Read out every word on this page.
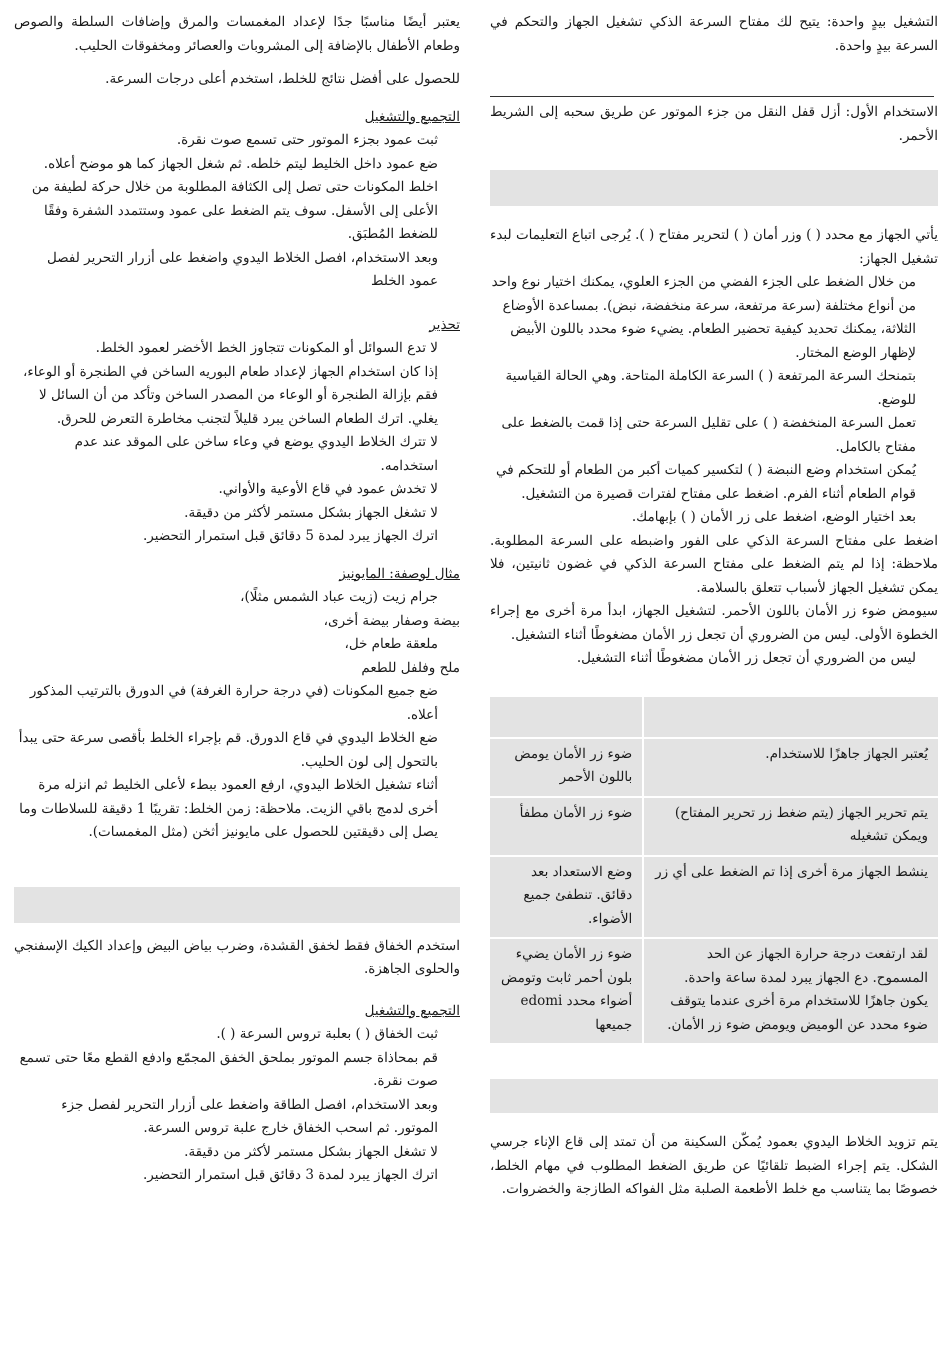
التشغيل بيدٍ واحدة: يتيح لك مفتاح السرعة الذكي تشغيل الجهاز والتحكم في السرعة بيدٍ واحدة.

الاستخدام الأول: أزل قفل النقل من جزء الموتور عن طريق سحبه إلى الشريط الأحمر.

يأتي الجهاز مع محدد ( ) وزر أمان ( ) لتحرير مفتاح ( ). يُرجى اتباع التعليمات لبدء تشغيل الجهاز:

من خلال الضغط على الجزء الفضي من الجزء العلوي، يمكنك اختيار نوع واحد من أنواع مختلفة (سرعة مرتفعة، سرعة منخفضة، نبض). بمساعدة الأوضاع الثلاثة، يمكنك تحديد كيفية تحضير الطعام. يضيء ضوء محدد باللون الأبيض لإظهار الوضع المختار.

بتمنحك السرعة المرتفعة ( ) السرعة الكاملة المتاحة. وهي الحالة القياسية للوضع.

تعمل السرعة المنخفضة ( ) على تقليل السرعة حتى إذا قمت بالضغط على مفتاح بالكامل.

يُمكن استخدام وضع النبضة ( ) لتكسير كميات أكبر من الطعام أو للتحكم في قوام الطعام أثناء الفرم. اضغط على مفتاح لفترات قصيرة من التشغيل.

بعد اختيار الوضع، اضغط على زر الأمان ( ) بإبهامك.

اضغط على مفتاح السرعة الذكي على الفور واضبطه على السرعة المطلوبة. ملاحظة: إذا لم يتم الضغط على مفتاح السرعة الذكي في غضون ثانيتين، فلا يمكن تشغيل الجهاز لأسباب تتعلق بالسلامة.

سيومض ضوء زر الأمان باللون الأحمر. لتشغيل الجهاز، ابدأ مرة أخرى مع إجراء الخطوة الأولى. ليس من الضروري أن تجعل زر الأمان مضغوطًا أثناء التشغيل.

ليس من الضروري أن تجعل زر الأمان مضغوطًا أثناء التشغيل.

يُعتبر الجهاز جاهزًا للاستخدام.	ضوء زر الأمان يومض باللون الأحمر
يتم تحرير الجهاز (يتم ضغط زر تحرير المفتاح) ويمكن تشغيله	ضوء زر الأمان مطفأ
ينشط الجهاز مرة أخرى إذا تم الضغط على أي زر	وضع الاستعداد بعد دقائق. تنطفئ جميع الأضواء.
لقد ارتفعت درجة حرارة الجهاز عن الحد المسموح. دع الجهاز يبرد لمدة ساعة واحدة. يكون جاهزًا للاستخدام مرة أخرى عندما يتوقف ضوء محدد عن الوميض ويومض ضوء زر الأمان.	ضوء زر الأمان يضيء بلون أحمر ثابت وتومض أضواء محدد edomi جميعها

يتم تزويد الخلاط اليدوي بعمود يُمكّن السكينة من أن تمتد إلى قاع الإناء جرسي الشكل. يتم إجراء الضبط تلقائيًا عن طريق الضغط المطلوب في مهام الخلط، خصوصًا بما يتناسب مع خلط الأطعمة الصلبة مثل الفواكه الطازجة والخضروات.

يعتبر أيضًا مناسبًا جدًا لإعداد المغمسات والمرق وإضافات السلطة والصوص وطعام الأطفال بالإضافة إلى المشروبات والعصائر ومخفوقات الحليب.

للحصول على أفضل نتائج للخلط، استخدم أعلى درجات السرعة.

التجميع والتشغيل

ثبت عمود بجزء الموتور حتى تسمع صوت نقرة.

ضع عمود داخل الخليط ليتم خلطه. ثم شغل الجهاز كما هو موضح أعلاه.

اخلط المكونات حتى تصل إلى الكثافة المطلوبة من خلال حركة لطيفة من الأعلى إلى الأسفل. سوف يتم الضغط على عمود وستتمدد الشفرة وفقًا للضغط المُطبَق.

وبعد الاستخدام، افصل الخلاط اليدوي واضغط على أزرار التحرير لفصل عمود الخلط

تحذير

لا تدع السوائل أو المكونات تتجاوز الخط الأخضر لعمود الخلط.

إذا كان استخدام الجهاز لإعداد طعام البوريه الساخن في الطنجرة أو الوعاء، فقم بإزالة الطنجرة أو الوعاء من المصدر الساخن وتأكد من أن السائل لا يغلي. اترك الطعام الساخن يبرد قليلاً لتجنب مخاطرة التعرض للحرق.

لا تترك الخلاط اليدوي يوضع في وعاء ساخن على الموقد عند عدم استخدامه.

لا تخدش عمود في قاع الأوعية والأواني.

لا تشغل الجهاز بشكل مستمر لأكثر من دقيقة.

اترك الجهاز يبرد لمدة 5 دقائق قبل استمرار التحضير.

مثال لوصفة: المايونيز

جرام زيت (زيت عباد الشمس مثلًا)،

بيضة وصفار بيضة أخرى،

ملعقة طعام خل،

ملح وفلفل للطعم

ضع جميع المكونات (في درجة حرارة الغرفة) في الدورق بالترتيب المذكور أعلاه.

ضع الخلاط اليدوي في قاع الدورق. قم بإجراء الخلط بأقصى سرعة حتى يبدأ بالتحول إلى لون الحليب.

أثناء تشغيل الخلاط اليدوي، ارفع العمود ببطء لأعلى الخليط ثم انزله مرة أخرى لدمج باقي الزيت. ملاحظة: زمن الخلط: تقريبًا 1 دقيقة للسلاطات وما يصل إلى دقيقتين للحصول على مايونيز أثخن (مثل المغمسات).

استخدم الخفاق فقط لخفق القشدة، وضرب بياض البيض وإعداد الكيك الإسفنجي والحلوى الجاهزة.

التجميع والتشغيل

ثبت الخفاق ( ) بعلبة تروس السرعة ( ).

قم بمحاذاة جسم الموتور بملحق الخفق المجمّع وادفع القطع معًا حتى تسمع صوت نقرة.

وبعد الاستخدام، افصل الطاقة واضغط على أزرار التحرير لفصل جزء الموتور. ثم اسحب الخفاق خارج علبة تروس السرعة.

لا تشغل الجهاز بشكل مستمر لأكثر من دقيقة.

اترك الجهاز يبرد لمدة 3 دقائق قبل استمرار التحضير.
